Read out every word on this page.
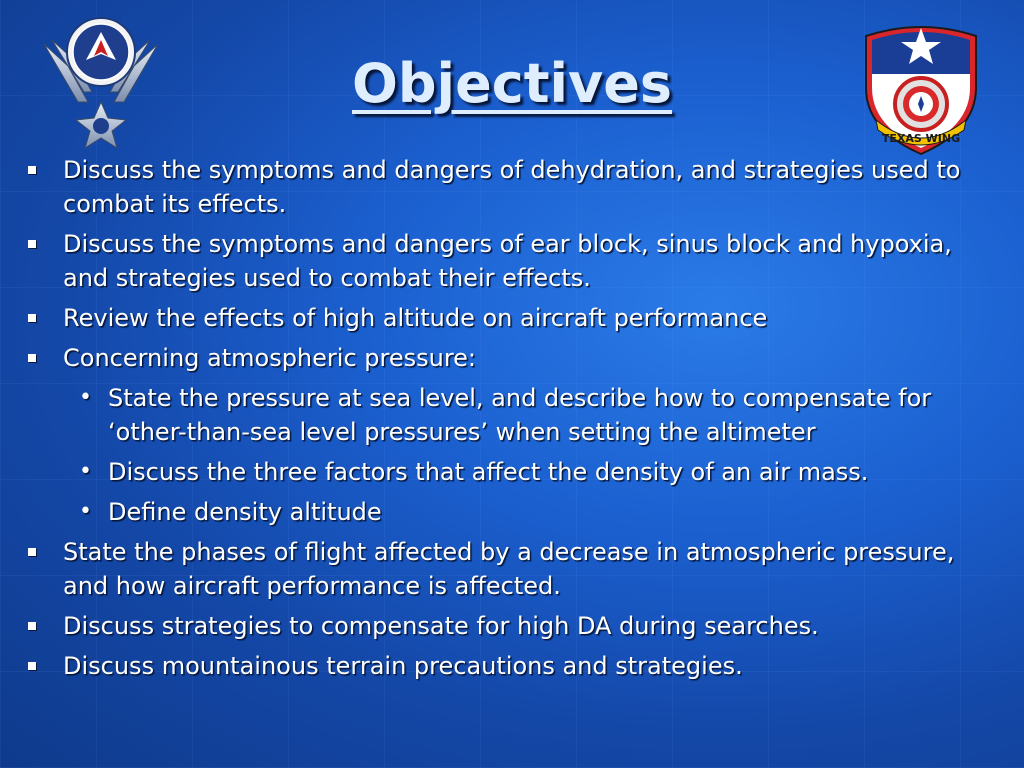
Objectives
TEXAS WING
Discuss the symptoms and dangers of dehydration, and strategies used to combat its effects.
Discuss the symptoms and dangers of ear block, sinus block and hypoxia, and strategies used to combat their effects.
Review the effects of high altitude on aircraft performance
Concerning atmospheric pressure:
• State the pressure at sea level, and describe how to compensate for ‘other-than-sea level pressures’ when setting the altimeter
• Discuss the three factors that affect the density of an air mass.
• Define density altitude
State the phases of flight affected by a decrease in atmospheric pressure, and how aircraft performance is affected.
Discuss strategies to compensate for high DA during searches.
Discuss mountainous terrain precautions and strategies.
